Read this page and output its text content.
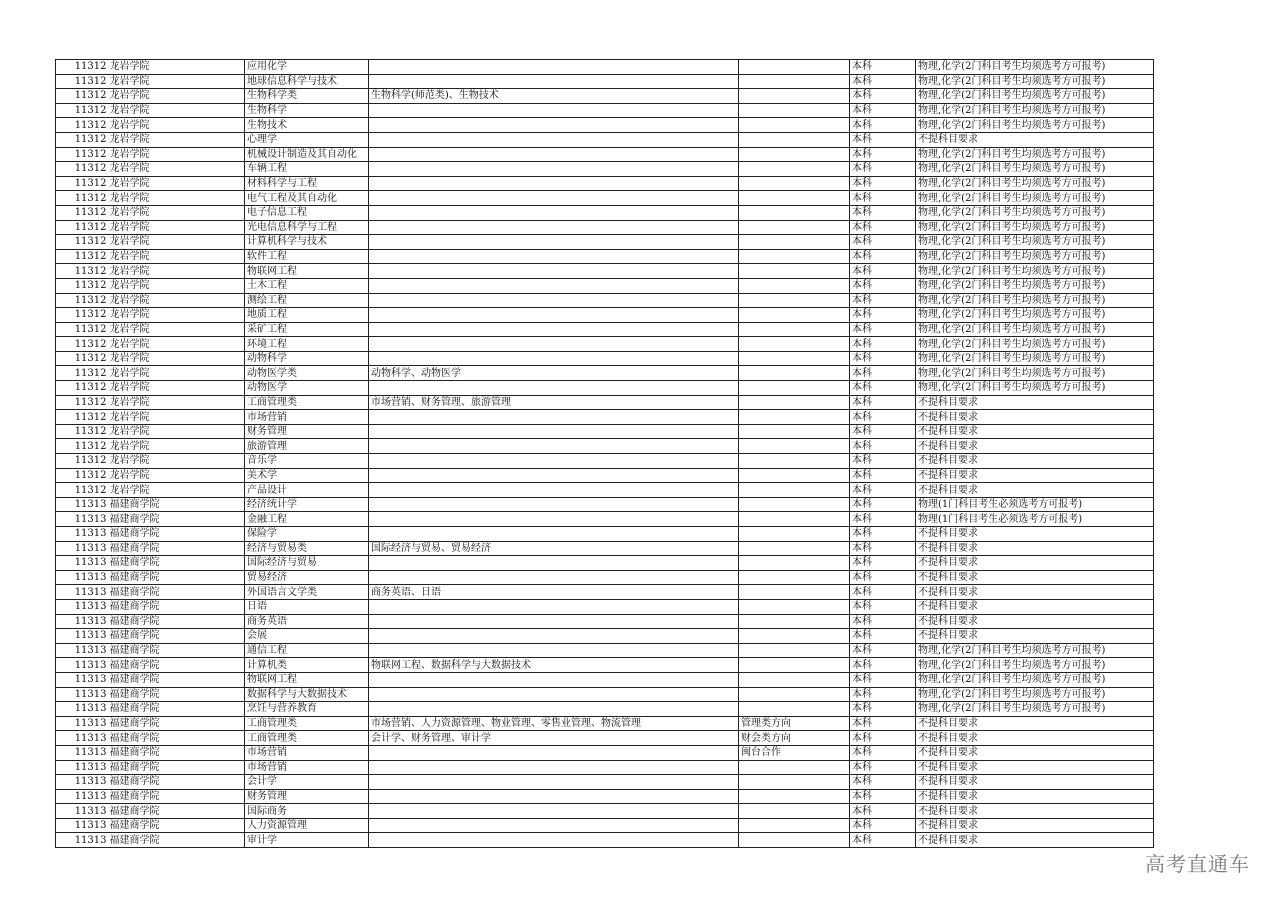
11312	龙岩学院	应用化学			本科	物理,化学(2门科目考生均须选考方可报考)
11312	龙岩学院	地球信息科学与技术			本科	物理,化学(2门科目考生均须选考方可报考)
11312	龙岩学院	生物科学类	生物科学(师范类)、生物技术		本科	物理,化学(2门科目考生均须选考方可报考)
11312	龙岩学院	生物科学			本科	物理,化学(2门科目考生均须选考方可报考)
11312	龙岩学院	生物技术			本科	物理,化学(2门科目考生均须选考方可报考)
11312	龙岩学院	心理学			本科	不提科目要求
11312	龙岩学院	机械设计制造及其自动化			本科	物理,化学(2门科目考生均须选考方可报考)
11312	龙岩学院	车辆工程			本科	物理,化学(2门科目考生均须选考方可报考)
11312	龙岩学院	材料科学与工程			本科	物理,化学(2门科目考生均须选考方可报考)
11312	龙岩学院	电气工程及其自动化			本科	物理,化学(2门科目考生均须选考方可报考)
11312	龙岩学院	电子信息工程			本科	物理,化学(2门科目考生均须选考方可报考)
11312	龙岩学院	光电信息科学与工程			本科	物理,化学(2门科目考生均须选考方可报考)
11312	龙岩学院	计算机科学与技术			本科	物理,化学(2门科目考生均须选考方可报考)
11312	龙岩学院	软件工程			本科	物理,化学(2门科目考生均须选考方可报考)
11312	龙岩学院	物联网工程			本科	物理,化学(2门科目考生均须选考方可报考)
11312	龙岩学院	土木工程			本科	物理,化学(2门科目考生均须选考方可报考)
11312	龙岩学院	测绘工程			本科	物理,化学(2门科目考生均须选考方可报考)
11312	龙岩学院	地质工程			本科	物理,化学(2门科目考生均须选考方可报考)
11312	龙岩学院	采矿工程			本科	物理,化学(2门科目考生均须选考方可报考)
11312	龙岩学院	环境工程			本科	物理,化学(2门科目考生均须选考方可报考)
11312	龙岩学院	动物科学			本科	物理,化学(2门科目考生均须选考方可报考)
11312	龙岩学院	动物医学类	动物科学、动物医学		本科	物理,化学(2门科目考生均须选考方可报考)
11312	龙岩学院	动物医学			本科	物理,化学(2门科目考生均须选考方可报考)
11312	龙岩学院	工商管理类	市场营销、财务管理、旅游管理		本科	不提科目要求
11312	龙岩学院	市场营销			本科	不提科目要求
11312	龙岩学院	财务管理			本科	不提科目要求
11312	龙岩学院	旅游管理			本科	不提科目要求
11312	龙岩学院	音乐学			本科	不提科目要求
11312	龙岩学院	美术学			本科	不提科目要求
11312	龙岩学院	产品设计			本科	不提科目要求
11313	福建商学院	经济统计学			本科	物理(1门科目考生必须选考方可报考)
11313	福建商学院	金融工程			本科	物理(1门科目考生必须选考方可报考)
11313	福建商学院	保险学			本科	不提科目要求
11313	福建商学院	经济与贸易类	国际经济与贸易、贸易经济		本科	不提科目要求
11313	福建商学院	国际经济与贸易			本科	不提科目要求
11313	福建商学院	贸易经济			本科	不提科目要求
11313	福建商学院	外国语言文学类	商务英语、日语		本科	不提科目要求
11313	福建商学院	日语			本科	不提科目要求
11313	福建商学院	商务英语			本科	不提科目要求
11313	福建商学院	会展			本科	不提科目要求
11313	福建商学院	通信工程			本科	物理,化学(2门科目考生均须选考方可报考)
11313	福建商学院	计算机类	物联网工程、数据科学与大数据技术		本科	物理,化学(2门科目考生均须选考方可报考)
11313	福建商学院	物联网工程			本科	物理,化学(2门科目考生均须选考方可报考)
11313	福建商学院	数据科学与大数据技术			本科	物理,化学(2门科目考生均须选考方可报考)
11313	福建商学院	烹饪与营养教育			本科	物理,化学(2门科目考生均须选考方可报考)
11313	福建商学院	工商管理类	市场营销、人力资源管理、物业管理、零售业管理、物流管理	管理类方向	本科	不提科目要求
11313	福建商学院	工商管理类	会计学、财务管理、审计学	财会类方向	本科	不提科目要求
11313	福建商学院	市场营销		闽台合作	本科	不提科目要求
11313	福建商学院	市场营销			本科	不提科目要求
11313	福建商学院	会计学			本科	不提科目要求
11313	福建商学院	财务管理			本科	不提科目要求
11313	福建商学院	国际商务			本科	不提科目要求
11313	福建商学院	人力资源管理			本科	不提科目要求
11313	福建商学院	审计学			本科	不提科目要求
高考直通车
